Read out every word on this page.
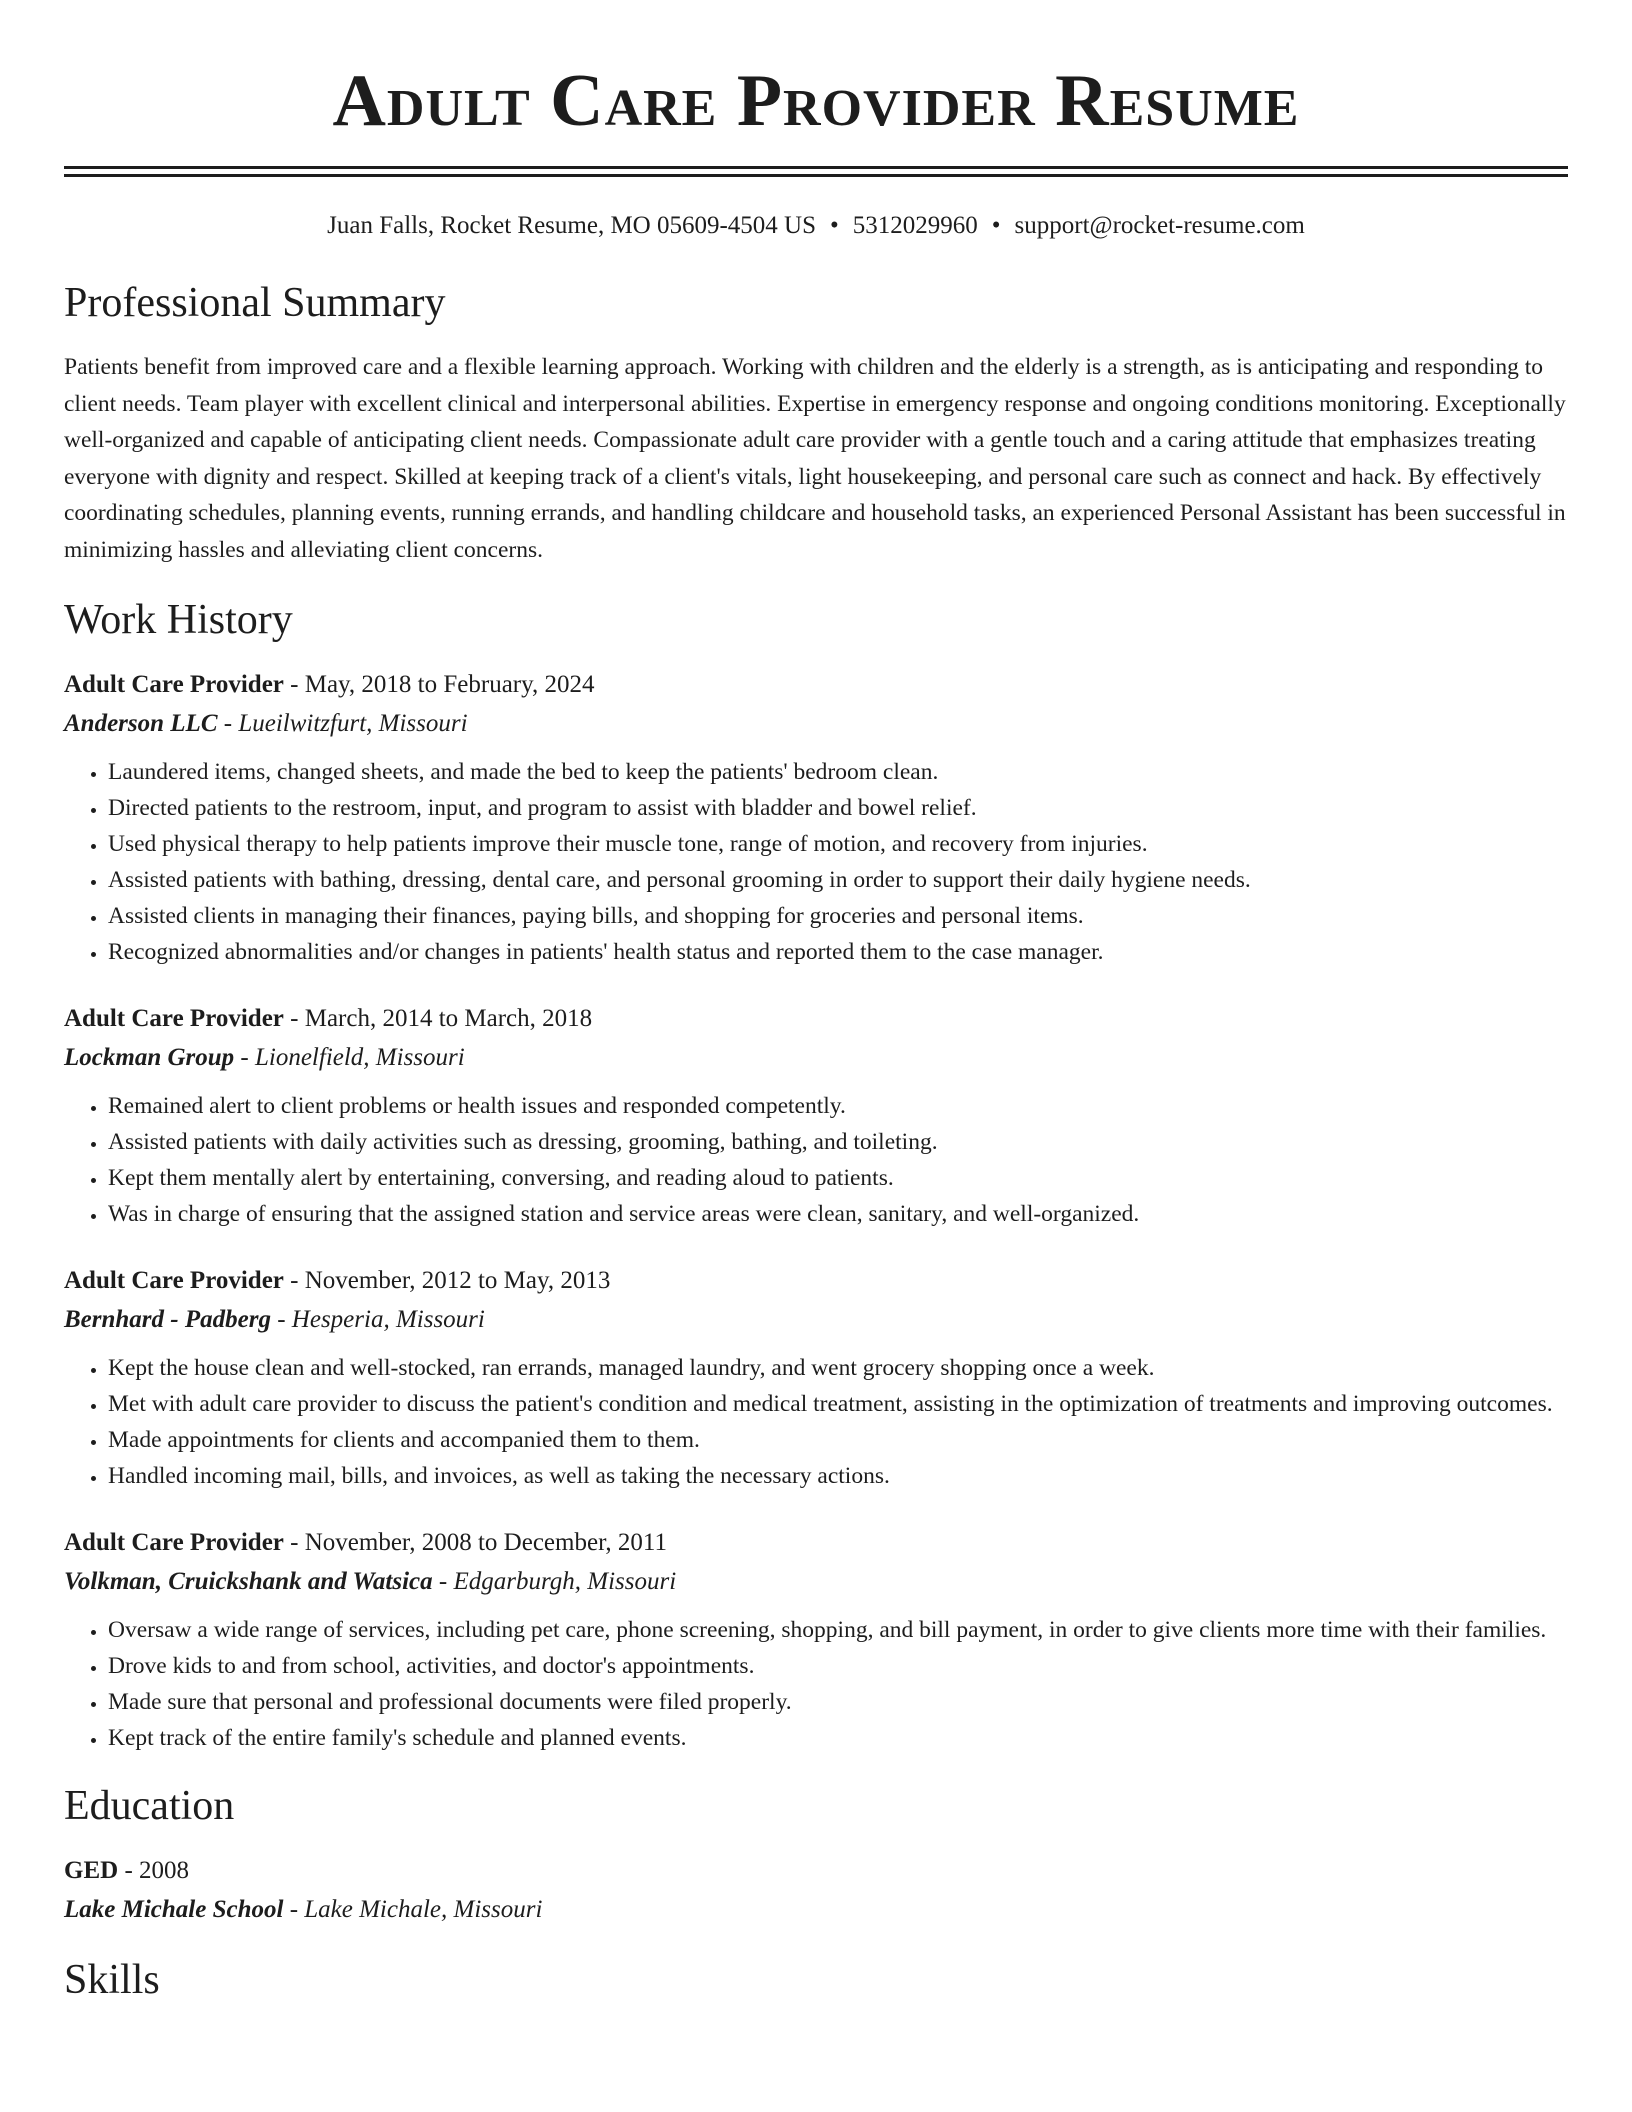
Adult Care Provider Resume
Juan Falls, Rocket Resume, MO 05609-4504 US • 5312029960 • support@rocket-resume.com
Professional Summary

Patients benefit from improved care and a flexible learning approach. Working with children and the elderly is a strength, as is anticipating and responding to client needs. Team player with excellent clinical and interpersonal abilities. Expertise in emergency response and ongoing conditions monitoring. Exceptionally well-organized and capable of anticipating client needs. Compassionate adult care provider with a gentle touch and a caring attitude that emphasizes treating everyone with dignity and respect. Skilled at keeping track of a client's vitals, light housekeeping, and personal care such as connect and hack. By effectively coordinating schedules, planning events, running errands, and handling childcare and household tasks, an experienced Personal Assistant has been successful in minimizing hassles and alleviating client concerns.

Work History
Adult Care Provider - May, 2018 to February, 2024
Anderson LLC - Lueilwitzfurt, Missouri
• Laundered items, changed sheets, and made the bed to keep the patients' bedroom clean.
• Directed patients to the restroom, input, and program to assist with bladder and bowel relief.
• Used physical therapy to help patients improve their muscle tone, range of motion, and recovery from injuries.
• Assisted patients with bathing, dressing, dental care, and personal grooming in order to support their daily hygiene needs.
• Assisted clients in managing their finances, paying bills, and shopping for groceries and personal items.
• Recognized abnormalities and/or changes in patients' health status and reported them to the case manager.
Adult Care Provider - March, 2014 to March, 2018
Lockman Group - Lionelfield, Missouri
• Remained alert to client problems or health issues and responded competently.
• Assisted patients with daily activities such as dressing, grooming, bathing, and toileting.
• Kept them mentally alert by entertaining, conversing, and reading aloud to patients.
• Was in charge of ensuring that the assigned station and service areas were clean, sanitary, and well-organized.
Adult Care Provider - November, 2012 to May, 2013
Bernhard - Padberg - Hesperia, Missouri
• Kept the house clean and well-stocked, ran errands, managed laundry, and went grocery shopping once a week.
• Met with adult care provider to discuss the patient's condition and medical treatment, assisting in the optimization of treatments and improving outcomes.
• Made appointments for clients and accompanied them to them.
• Handled incoming mail, bills, and invoices, as well as taking the necessary actions.
Adult Care Provider - November, 2008 to December, 2011
Volkman, Cruickshank and Watsica - Edgarburgh, Missouri
• Oversaw a wide range of services, including pet care, phone screening, shopping, and bill payment, in order to give clients more time with their families.
• Drove kids to and from school, activities, and doctor's appointments.
• Made sure that personal and professional documents were filed properly.
• Kept track of the entire family's schedule and planned events.
Education
GED - 2008
Lake Michale School - Lake Michale, Missouri
Skills
